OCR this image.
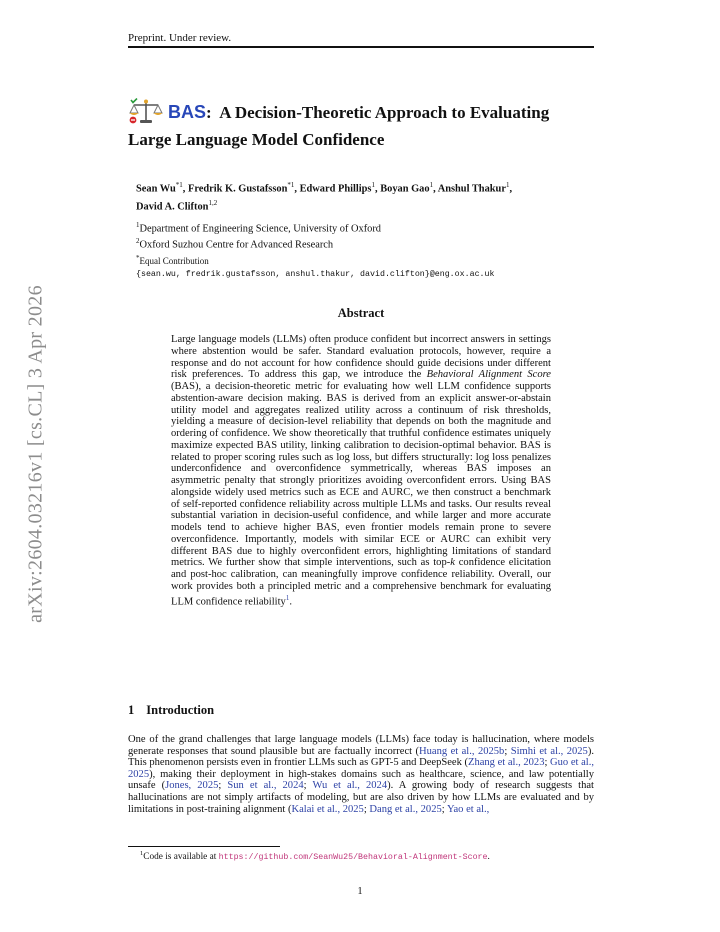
Preprint. Under review.
arXiv:2604.03216v1 [cs.CL] 3 Apr 2026
BAS: A Decision-Theoretic Approach to Evaluating
Large Language Model Confidence
Sean Wu$^{*1}$, Fredrik K. Gustafsson$^{*1}$, Edward Phillips$^1$, Boyan Gao$^1$, Anshul Thakur$^1$,
David A. Clifton$^{1,2}$
$^1$Department of Engineering Science, University of Oxford
$^2$Oxford Suzhou Centre for Advanced Research
*Equal Contribution
{sean.wu, fredrik.gustafsson, anshul.thakur, david.clifton}@eng.ox.ac.uk
Abstract

Large language models (LLMs) often produce confident but incorrect answers in settings where abstention would be safer. Standard evaluation protocols, however, require a response and do not account for how confidence should guide decisions under different risk preferences. To address this gap, we introduce the Behavioral Alignment Score (BAS), a decision-theoretic metric for evaluating how well LLM confidence supports abstention-aware decision making. BAS is derived from an explicit answer-or-abstain utility model and aggregates realized utility across a continuum of risk thresholds, yielding a measure of decision-level reliability that depends on both the magnitude and ordering of confidence. We show theoretically that truthful confidence estimates uniquely maximize expected BAS utility, linking calibration to decision-optimal behavior. BAS is related to proper scoring rules such as log loss, but differs structurally: log loss penalizes underconfidence and overconfidence symmetrically, whereas BAS imposes an asymmetric penalty that strongly prioritizes avoiding overconfident errors. Using BAS alongside widely used metrics such as ECE and AURC, we then construct a benchmark of self-reported confidence reliability across multiple LLMs and tasks. Our results reveal substantial variation in decision-useful confidence, and while larger and more accurate models tend to achieve higher BAS, even frontier models remain prone to severe overconfidence. Importantly, models with similar ECE or AURC can exhibit very different BAS due to highly overconfident errors, highlighting limitations of standard metrics. We further show that simple interventions, such as top-k confidence elicitation and post-hoc calibration, can meaningfully improve confidence reliability. Overall, our work provides both a principled metric and a comprehensive benchmark for evaluating LLM confidence reliability$^1$.

1 Introduction

One of the grand challenges that large language models (LLMs) face today is hallucination, where models generate responses that sound plausible but are factually incorrect (Huang et al., 2025b; Simhi et al., 2025). This phenomenon persists even in frontier LLMs such as GPT-5 and DeepSeek (Zhang et al., 2023; Guo et al., 2025), making their deployment in high-stakes domains such as healthcare, science, and law potentially unsafe (Jones, 2025; Sun et al., 2024; Wu et al., 2024). A growing body of research suggests that hallucinations are not simply artifacts of modeling, but are also driven by how LLMs are evaluated and by limitations in post-training alignment (Kalai et al., 2025; Dang et al., 2025; Yao et al.,

$^1$Code is available at https://github.com/SeanWu25/Behavioral-Alignment-Score.
1
